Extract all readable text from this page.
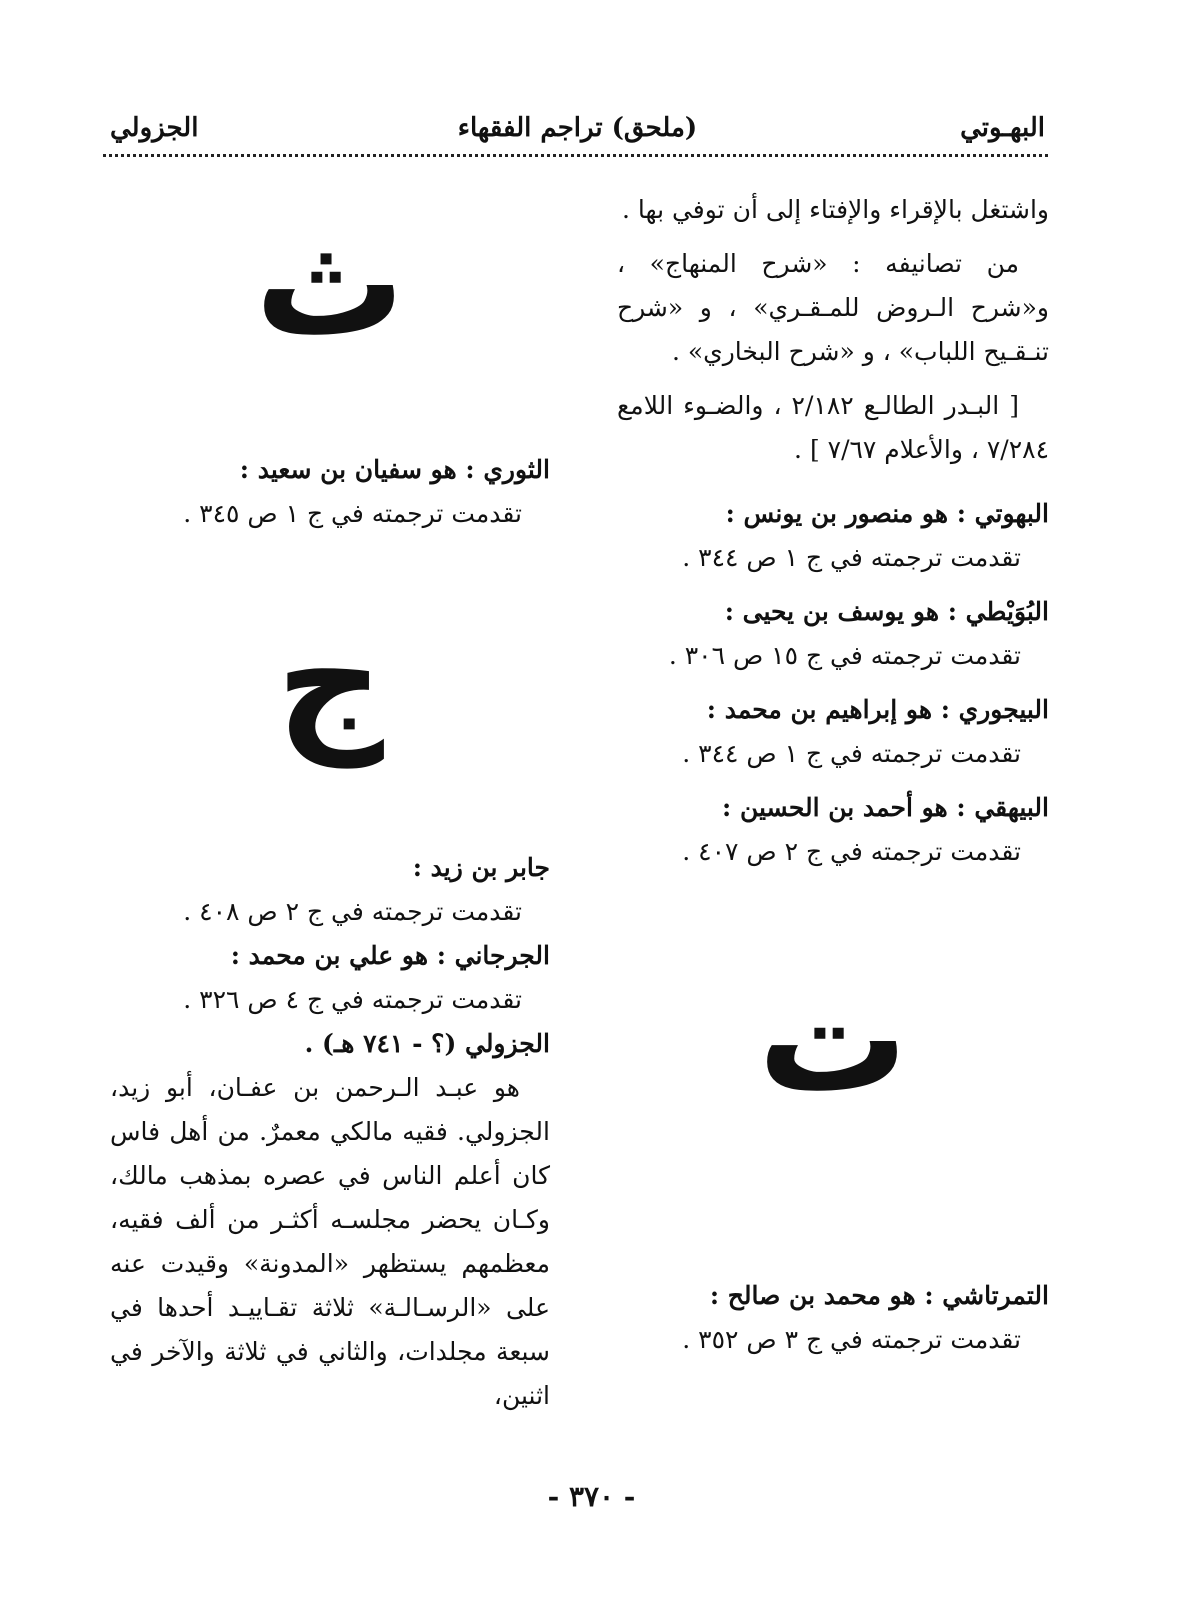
البهـوتي
(ملحق) تراجم الفقهاء
الجزولي

واشتغل بالإقراء والإفتاء إلى أن توفي بها .

من تصانيفه : «شرح المنهاج» ، و«شرح الـروض للمـقـري» ، و «شرح تنـقـيح اللباب» ، و «شرح البخاري» .

[ البـدر الطالـع ٢/١٨٢ ، والضـوء اللامع ٧/٢٨٤ ، والأعلام ٧/٦٧ ] .

البهوتي : هو منصور بن يونس :

تقدمت ترجمته في ج ١ ص ٣٤٤ .

البُوَيْطي : هو يوسف بن يحيى :

تقدمت ترجمته في ج ١٥ ص ٣٠٦ .

البيجوري : هو إبراهيم بن محمد :

تقدمت ترجمته في ج ١ ص ٣٤٤ .

البيهقي : هو أحمد بن الحسين :

تقدمت ترجمته في ج ٢ ص ٤٠٧ .

ت

التمرتاشي : هو محمد بن صالح :

تقدمت ترجمته في ج ٣ ص ٣٥٢ .

ث

الثوري : هو سفيان بن سعيد :

تقدمت ترجمته في ج ١ ص ٣٤٥ .

ج

جابر بن زيد :

تقدمت ترجمته في ج ٢ ص ٤٠٨ .

الجرجاني : هو علي بن محمد :

تقدمت ترجمته في ج ٤ ص ٣٢٦ .

الجزولي (؟ - ٧٤١ هـ) .

هو عبـد الـرحمن بن عفـان، أبو زيد، الجزولي. فقيه مالكي معمرٌ. من أهل فاس كان أعلم الناس في عصره بمذهب مالك، وكـان يحضر مجلسـه أكثـر من ألف فقيه، معظمهم يستظهر «المدونة» وقيدت عنه على «الرسـالـة» ثلاثة تقـاييـد أحدها في سبعة مجلدات، والثاني في ثلاثة والآخر في اثنين،

- ٣٧٠ -
